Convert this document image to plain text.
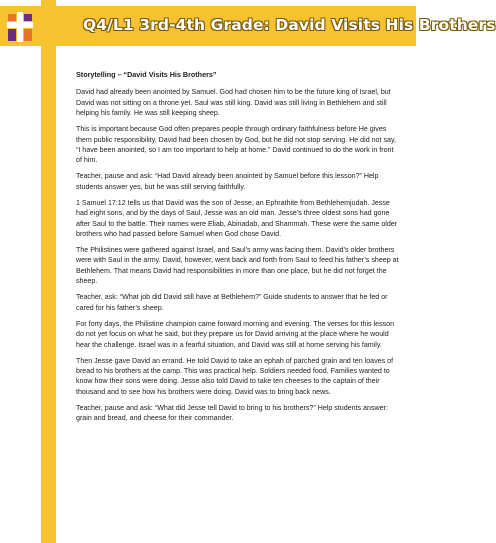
Q4/L1 3rd-4th Grade: David Visits His Brothers
Storytelling – “David Visits His Brothers”

David had already been anointed by Samuel. God had chosen him to be the future king of Israel, but David was not sitting on a throne yet. Saul was still king. David was still living in Bethlehem and still helping his family. He was still keeping sheep.

This is important because God often prepares people through ordinary faithfulness before He gives them public responsibility. David had been chosen by God, but he did not stop serving. He did not say, “I have been anointed, so I am too important to help at home.” David continued to do the work in front of him.

Teacher, pause and ask: “Had David already been anointed by Samuel before this lesson?” Help students answer yes, but he was still serving faithfully.

1 Samuel 17:12 tells us that David was the son of Jesse, an Ephrathite from Bethlehemjudah. Jesse had eight sons, and by the days of Saul, Jesse was an old man. Jesse’s three oldest sons had gone after Saul to the battle. Their names were Eliab, Abinadab, and Shammah. These were the same older brothers who had passed before Samuel when God chose David.

The Philistines were gathered against Israel, and Saul’s army was facing them. David’s older brothers were with Saul in the army. David, however, went back and forth from Saul to feed his father’s sheep at Bethlehem. That means David had responsibilities in more than one place, but he did not forget the sheep.

Teacher, ask: “What job did David still have at Bethlehem?” Guide students to answer that he fed or cared for his father’s sheep.

For forty days, the Philistine champion came forward morning and evening. The verses for this lesson do not yet focus on what he said, but they prepare us for David arriving at the place where he would hear the challenge. Israel was in a fearful situation, and David was still at home serving his family.

Then Jesse gave David an errand. He told David to take an ephah of parched grain and ten loaves of bread to his brothers at the camp. This was practical help. Soldiers needed food. Families wanted to know how their sons were doing. Jesse also told David to take ten cheeses to the captain of their thousand and to see how his brothers were doing. David was to bring back news.

Teacher, pause and ask: “What did Jesse tell David to bring to his brothers?” Help students answer: grain and bread, and cheese for their commander.
